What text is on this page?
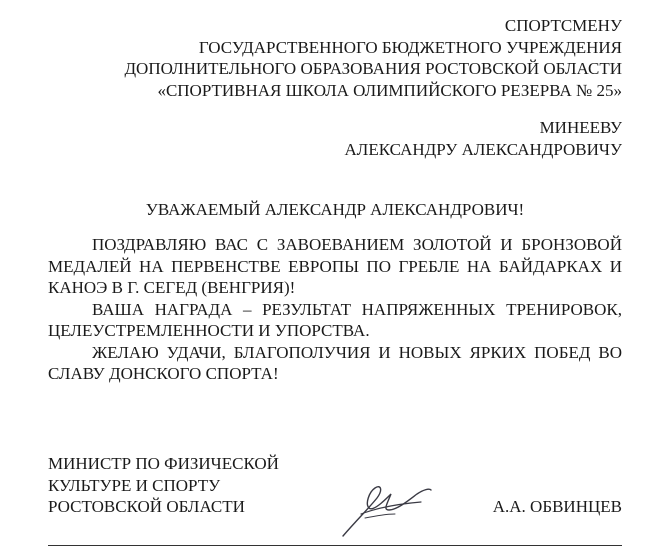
СПОРТСМЕНУ
ГОСУДАРСТВЕННОГО БЮДЖЕТНОГО УЧРЕЖДЕНИЯ
ДОПОЛНИТЕЛЬНОГО ОБРАЗОВАНИЯ РОСТОВСКОЙ ОБЛАСТИ
«СПОРТИВНАЯ ШКОЛА ОЛИМПИЙСКОГО РЕЗЕРВА № 25»
МИНЕЕВУ
АЛЕКСАНДРУ АЛЕКСАНДРОВИЧУ
УВАЖАЕМЫЙ АЛЕКСАНДР АЛЕКСАНДРОВИЧ!

ПОЗДРАВЛЯЮ ВАС С ЗАВОЕВАНИЕМ ЗОЛОТОЙ И БРОНЗОВОЙ МЕДАЛЕЙ НА ПЕРВЕНСТВЕ ЕВРОПЫ ПО ГРЕБЛЕ НА БАЙДАРКАХ И КАНОЭ В Г. СЕГЕД (ВЕНГРИЯ)!

ВАША НАГРАДА – РЕЗУЛЬТАТ НАПРЯЖЕННЫХ ТРЕНИРОВОК, ЦЕЛЕУСТРЕМЛЕННОСТИ И УПОРСТВА.

ЖЕЛАЮ УДАЧИ, БЛАГОПОЛУЧИЯ И НОВЫХ ЯРКИХ ПОБЕД ВО СЛАВУ ДОНСКОГО СПОРТА!

МИНИСТР ПО ФИЗИЧЕСКОЙ
КУЛЬТУРЕ И СПОРТУ
РОСТОВСКОЙ ОБЛАСТИ	А.А. ОБВИНЦЕВ
